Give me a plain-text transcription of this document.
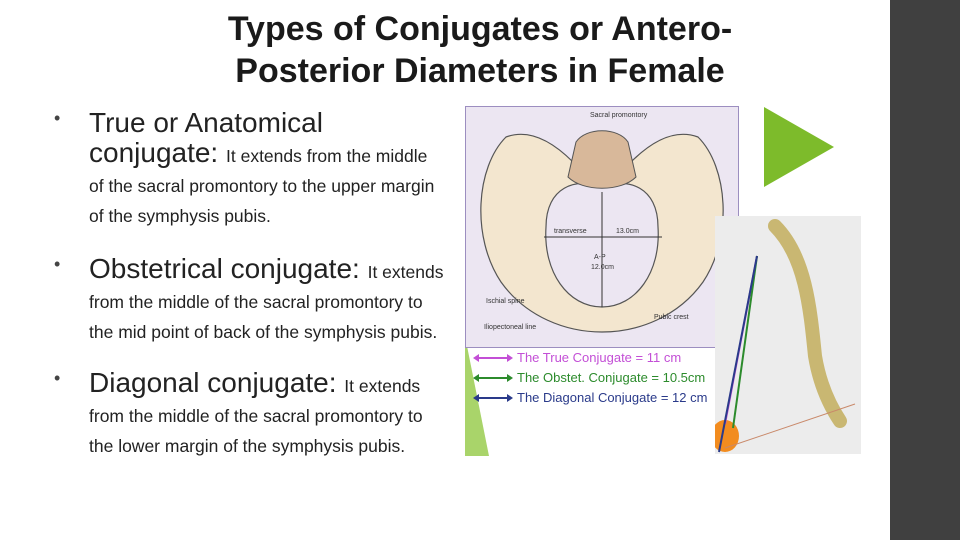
Types of Conjugates or Antero-Posterior Diameters in Female
• True or Anatomical conjugate: It extends from the middle of the sacral promontory to the upper margin of the symphysis pubis.
• Obstetrical conjugate: It extends from the middle of the sacral promontory to the mid point of back of the symphysis pubis.
• Diagonal conjugate: It extends from the middle of the sacral promontory to the lower margin of the symphysis pubis.
transverse	13.0cm
A-P
12.0cm
Sacral promontory
Ischial spine
Iliopectoneal line
Pubic crest
The True Conjugate = 11 cm
The Obstet. Conjugate = 10.5cm
The Diagonal Conjugate = 12 cm
